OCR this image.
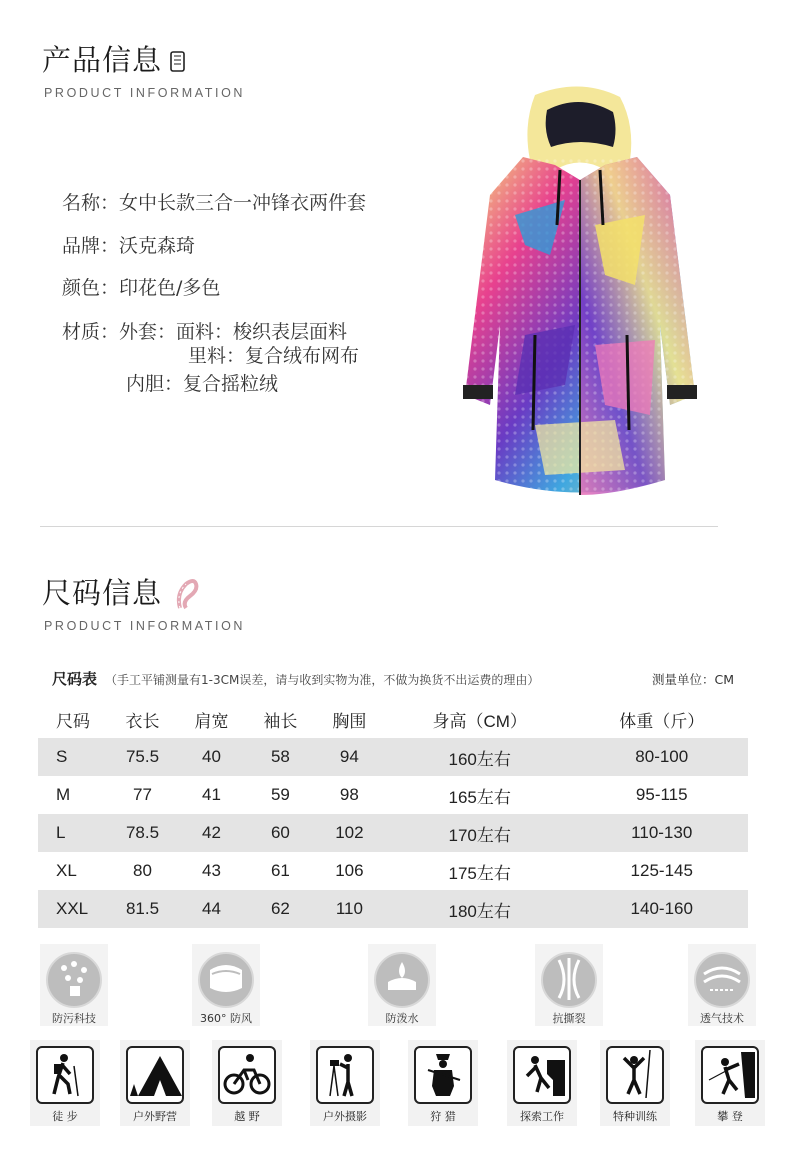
产品信息
PRODUCT INFORMATION
名称：女中长款三合一冲锋衣两件套
品牌：沃克森琦
颜色：印花色/多色
材质：外套：面料：梭织表层面料
里料：复合绒布网布
内胆：复合摇粒绒
尺码信息
PRODUCT INFORMATION
尺码表 （手工平铺测量有1-3CM误差，请与收到实物为准，不做为换货不出运费的理由）	测量单位：CM
尺码	衣长	肩宽	袖长	胸围	身高（CM）	体重（斤）
S	75.5	40	58	94	160左右	80-100
M	77	41	59	98	165左右	95-115
L	78.5	42	60	102	170左右	110-130
XL	80	43	61	106	175左右	125-145
XXL	81.5	44	62	110	180左右	140-160
防污科技	360° 防风	防泼水	抗撕裂	透气技术
徒 步	户外野营	越 野	户外摄影	狩 猎	探索工作	特种训练	攀 登
